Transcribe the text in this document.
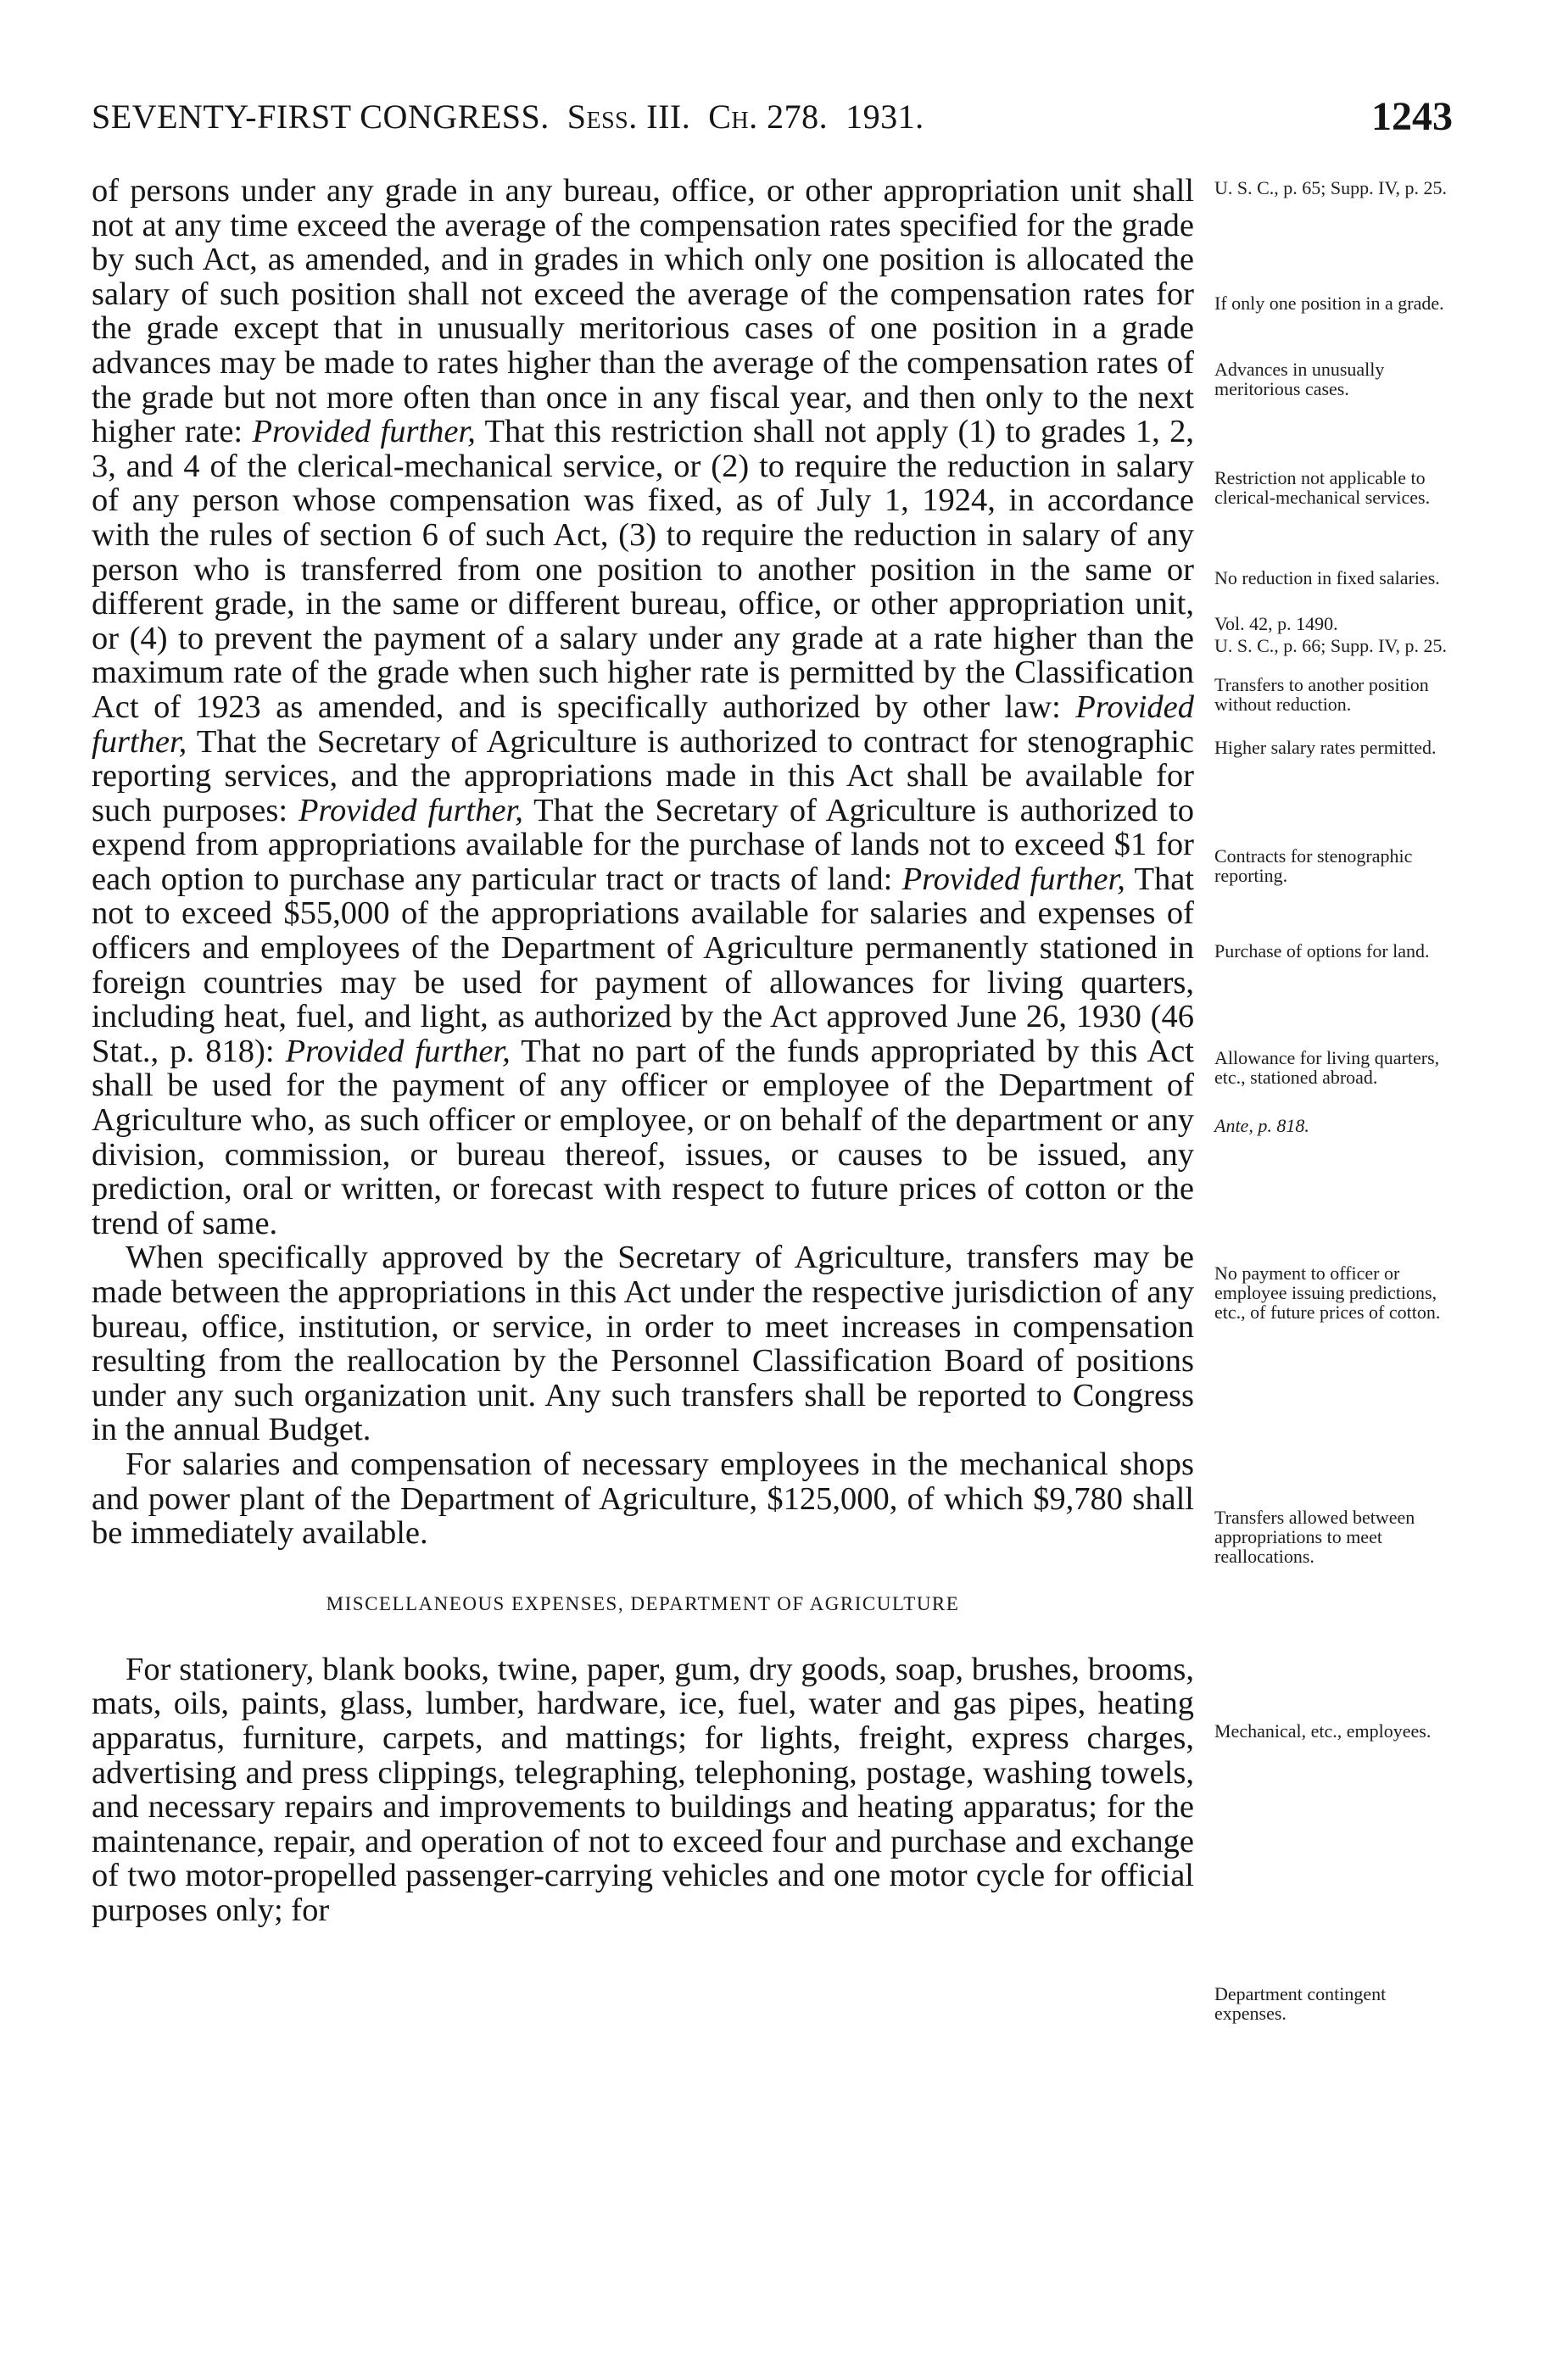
SEVENTY-FIRST CONGRESS. Sess. III. Ch. 278. 1931.	1243

of persons under any grade in any bureau, office, or other appropriation unit shall not at any time exceed the average of the compensation rates specified for the grade by such Act, as amended, and in grades in which only one position is allocated the salary of such position shall not exceed the average of the compensation rates for the grade except that in unusually meritorious cases of one position in a grade advances may be made to rates higher than the average of the compensation rates of the grade but not more often than once in any fiscal year, and then only to the next higher rate: Provided further, That this restriction shall not apply (1) to grades 1, 2, 3, and 4 of the clerical-mechanical service, or (2) to require the reduction in salary of any person whose compensation was fixed, as of July 1, 1924, in accordance with the rules of section 6 of such Act, (3) to require the reduction in salary of any person who is transferred from one position to another position in the same or different grade, in the same or different bureau, office, or other appropriation unit, or (4) to prevent the payment of a salary under any grade at a rate higher than the maximum rate of the grade when such higher rate is permitted by the Classification Act of 1923 as amended, and is specifically authorized by other law: Provided further, That the Secretary of Agriculture is authorized to contract for stenographic reporting services, and the appropriations made in this Act shall be available for such purposes: Provided further, That the Secretary of Agriculture is authorized to expend from appropriations available for the purchase of lands not to exceed $1 for each option to purchase any particular tract or tracts of land: Provided further, That not to exceed $55,000 of the appropriations available for salaries and expenses of officers and employees of the Department of Agriculture permanently stationed in foreign countries may be used for payment of allowances for living quarters, including heat, fuel, and light, as authorized by the Act approved June 26, 1930 (46 Stat., p. 818): Provided further, That no part of the funds appropriated by this Act shall be used for the payment of any officer or employee of the Department of Agriculture who, as such officer or employee, or on behalf of the department or any division, commission, or bureau thereof, issues, or causes to be issued, any prediction, oral or written, or forecast with respect to future prices of cotton or the trend of same.

When specifically approved by the Secretary of Agriculture, transfers may be made between the appropriations in this Act under the respective jurisdiction of any bureau, office, institution, or service, in order to meet increases in compensation resulting from the reallocation by the Personnel Classification Board of positions under any such organization unit. Any such transfers shall be reported to Congress in the annual Budget.

For salaries and compensation of necessary employees in the mechanical shops and power plant of the Department of Agriculture, $125,000, of which $9,780 shall be immediately available.

MISCELLANEOUS EXPENSES, DEPARTMENT OF AGRICULTURE

For stationery, blank books, twine, paper, gum, dry goods, soap, brushes, brooms, mats, oils, paints, glass, lumber, hardware, ice, fuel, water and gas pipes, heating apparatus, furniture, carpets, and mattings; for lights, freight, express charges, advertising and press clippings, telegraphing, telephoning, postage, washing towels, and necessary repairs and improvements to buildings and heating apparatus; for the maintenance, repair, and operation of not to exceed four and purchase and exchange of two motor-propelled passenger-carrying vehicles and one motor cycle for official purposes only; for

U. S. C., p. 65; Supp. IV, p. 25.
If only one position in a grade.
Advances in unusually meritorious cases.
Restriction not applicable to clerical-mechanical services.
No reduction in fixed salaries.
Vol. 42, p. 1490.
U. S. C., p. 66; Supp. IV, p. 25.
Transfers to another position without reduction.
Higher salary rates permitted.
Contracts for stenographic reporting.
Purchase of options for land.
Allowance for living quarters, etc., stationed abroad.
Ante, p. 818.
No payment to officer or employee issuing predictions, etc., of future prices of cotton.
Transfers allowed between appropriations to meet reallocations.
Mechanical, etc., employees.
Department contingent expenses.
